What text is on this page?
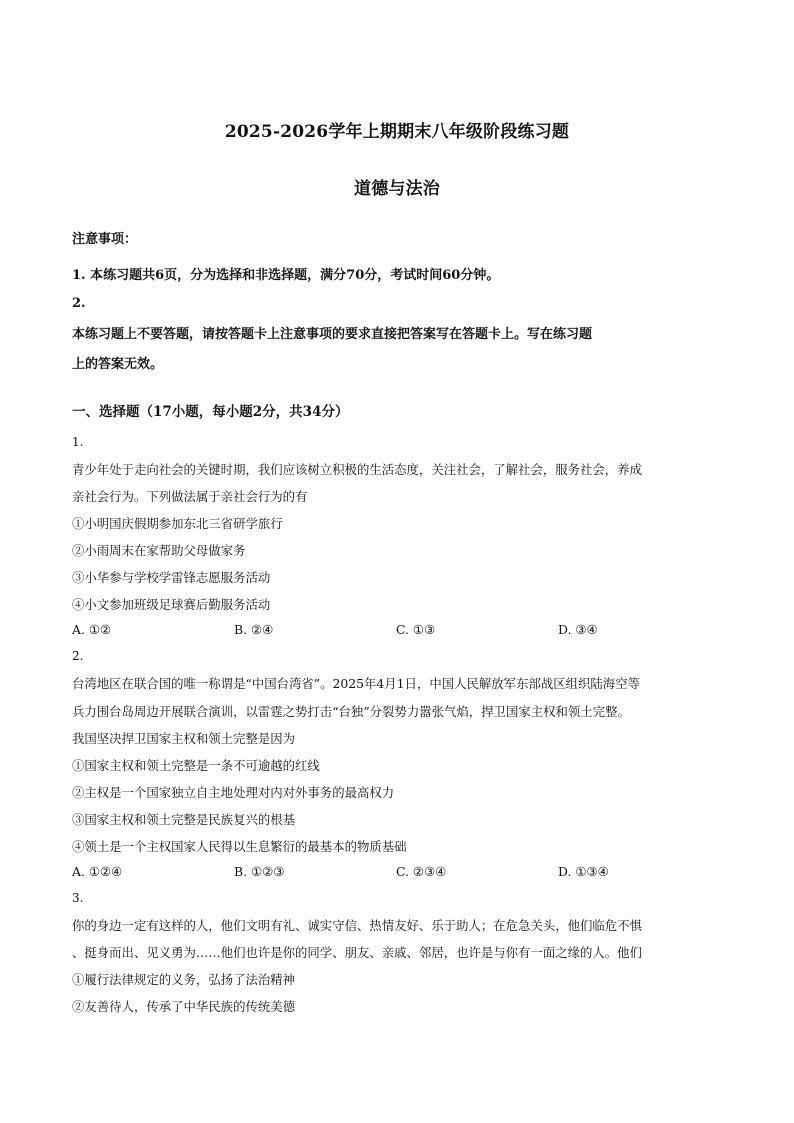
2025-2026学年上期期末八年级阶段练习题
道德与法治
注意事项：
1. 本练习题共6页，分为选择和非选择题，满分70分，考试时间60分钟。
2.
本练习题上不要答题，请按答题卡上注意事项的要求直接把答案写在答题卡上。写在练习题
上的答案无效。
一、选择题（17小题，每小题2分，共34分）
1.
青少年处于走向社会的关键时期，我们应该树立积极的生活态度，关注社会，了解社会，服务社会，养成
亲社会行为。下列做法属于亲社会行为的有
①小明国庆假期参加东北三省研学旅行
②小雨周末在家帮助父母做家务
③小华参与学校学雷锋志愿服务活动
④小文参加班级足球赛后勤服务活动
A. ①②	B. ②④	C. ①③	D. ③④
2.
台湾地区在联合国的唯一称谓是“中国台湾省”。2025年4月1日，中国人民解放军东部战区组织陆海空等
兵力围台岛周边开展联合演训，以雷霆之势打击“台独”分裂势力嚣张气焰，捍卫国家主权和领土完整。
我国坚决捍卫国家主权和领土完整是因为
①国家主权和领土完整是一条不可逾越的红线
②主权是一个国家独立自主地处理对内对外事务的最高权力
③国家主权和领土完整是民族复兴的根基
④领土是一个主权国家人民得以生息繁衍的最基本的物质基础
A. ①②④	B. ①②③	C. ②③④	D. ①③④
3.
你的身边一定有这样的人，他们文明有礼、诚实守信、热情友好、乐于助人；在危急关头，他们临危不惧
、挺身而出、见义勇为……他们也许是你的同学、朋友、亲戚、邻居，也许是与你有一面之缘的人。他们
①履行法律规定的义务，弘扬了法治精神
②友善待人，传承了中华民族的传统美德
